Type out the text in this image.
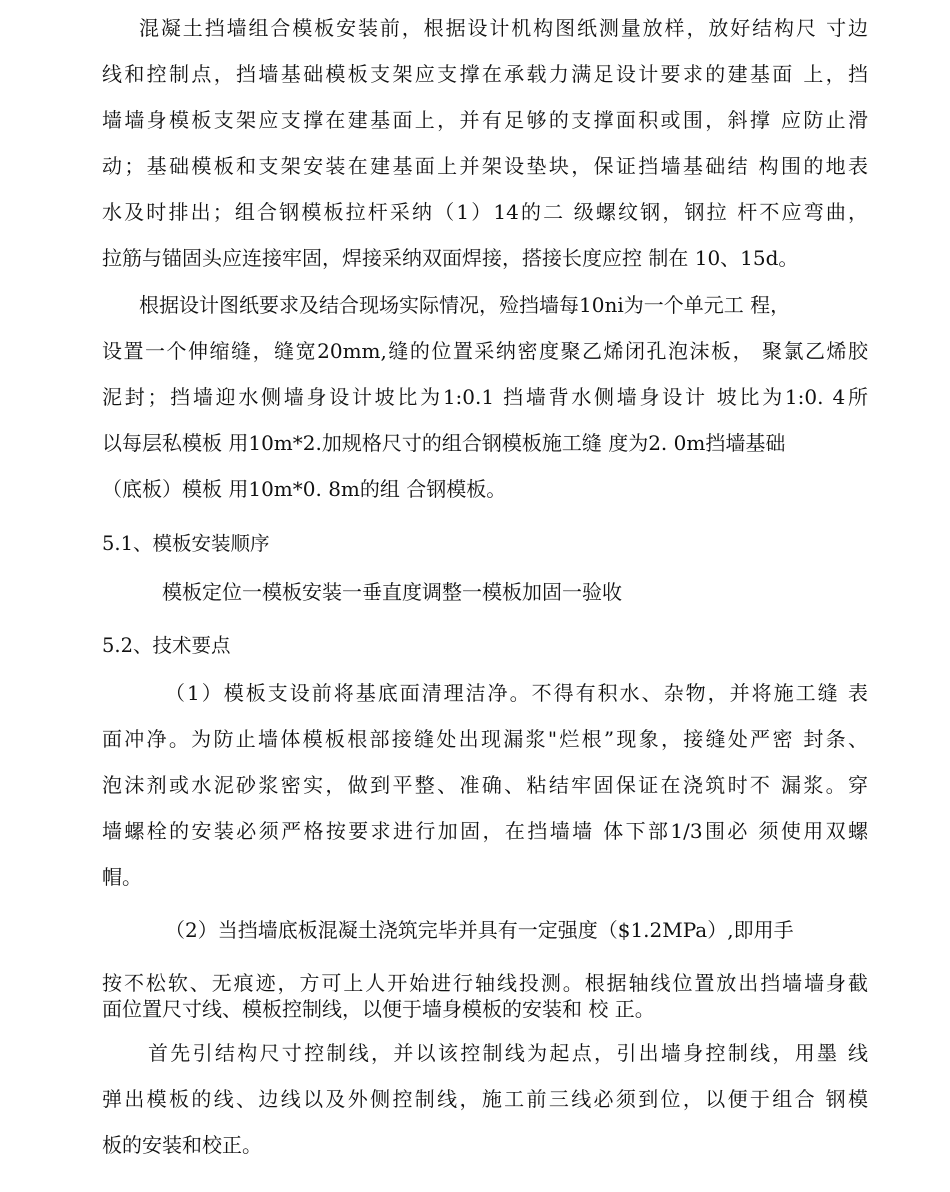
混凝土挡墙组合模板安装前，根据设计机构图纸测量放样，放好结构尺 寸边
线和控制点，挡墙基础模板支架应支撑在承载力满足设计要求的建基面 上，挡
墙墙身模板支架应支撑在建基面上，并有足够的支撑面积或围，斜撑 应防止滑
动；基础模板和支架安装在建基面上并架设垫块，保证挡墙基础结 构围的地表
水及时排出；组合钢模板拉杆采纳（1）14的二 级螺纹钢，钢拉 杆不应弯曲，
拉筋与锚固头应连接牢固，焊接采纳双面焊接，搭接长度应控 制在 10、15d。
根据设计图纸要求及结合现场实际情况，殓挡墙每10ni为一个单元工 程，
设置一个伸缩缝，缝宽20mm,缝的位置采纳密度聚乙烯闭孔泡沫板， 聚氯乙烯胶
泥封；挡墙迎水侧墙身设计坡比为1:0.1 挡墙背水侧墙身设计 坡比为1:0. 4所
以每层私模板 用10m*2.加规格尺寸的组合钢模板施工缝 度为2. 0m挡墙基础
（底板）模板 用10m*0. 8m的组 合钢模板。
5.1、模板安装顺序
模板定位一模板安装一垂直度调整一模板加固一验收
5.2、技术要点
（1）模板支设前将基底面清理洁净。不得有积水、杂物，并将施工缝 表
面冲净。为防止墙体模板根部接缝处出现漏浆"烂根”现象，接缝处严密 封条、
泡沫剂或水泥砂浆密实，做到平整、准确、粘结牢固保证在浇筑时不 漏浆。穿
墙螺栓的安装必须严格按要求进行加固，在挡墙墙 体下部1/3围必 须使用双螺
帽。
（2）当挡墙底板混凝土浇筑完毕并具有一定强度（$1.2MPa）,即用手
按不松软、无痕迹，方可上人开始进行轴线投测。根据轴线位置放出挡墙墙身截
面位置尺寸线、模板控制线，以便于墙身模板的安装和 校 正。
首先引结构尺寸控制线，并以该控制线为起点，引出墙身控制线，用墨 线
弹出模板的线、边线以及外侧控制线，施工前三线必须到位，以便于组合 钢模
板的安装和校正。
